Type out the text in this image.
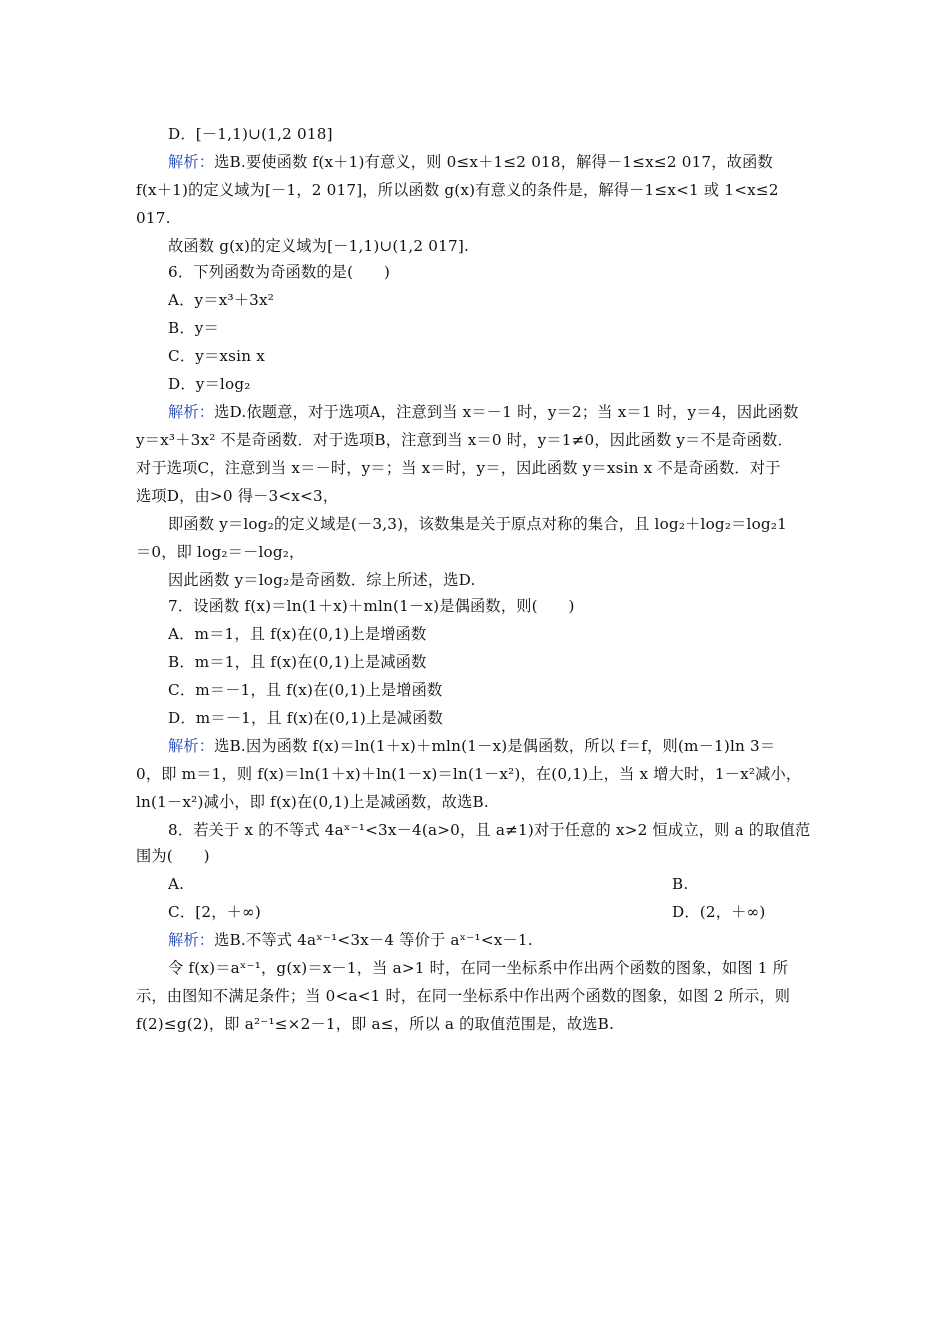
D．[－1,1)∪(1,2 018]
解析：选B.要使函数 f(x＋1)有意义，则 0≤x＋1≤2 018，解得－1≤x≤2 017，故函数
f(x＋1)的定义域为[－1，2 017]，所以函数 g(x)有意义的条件是，解得－1≤x<1 或 1<x≤2
017.
故函数 g(x)的定义域为[－1,1)∪(1,2 017].
6．下列函数为奇函数的是(　　)
A．y＝x³＋3x²
B．y＝
C．y＝xsin x
D．y＝log₂
解析：选D.依题意，对于选项A，注意到当 x＝－1 时，y＝2；当 x＝1 时，y＝4，因此函数
y＝x³＋3x² 不是奇函数．对于选项B，注意到当 x＝0 时，y＝1≠0，因此函数 y＝不是奇函数．
对于选项C，注意到当 x＝－时，y＝；当 x＝时，y＝，因此函数 y＝xsin x 不是奇函数．对于
选项D，由>0 得－3<x<3，
即函数 y＝log₂的定义域是(－3,3)，该数集是关于原点对称的集合，且 log₂＋log₂＝log₂1
＝0，即 log₂＝－log₂，
因此函数 y＝log₂是奇函数．综上所述，选D.
7．设函数 f(x)＝ln(1＋x)＋mln(1－x)是偶函数，则(　　)
A．m＝1，且 f(x)在(0,1)上是增函数
B．m＝1，且 f(x)在(0,1)上是减函数
C．m＝－1，且 f(x)在(0,1)上是增函数
D．m＝－1，且 f(x)在(0,1)上是减函数
解析：选B.因为函数 f(x)＝ln(1＋x)＋mln(1－x)是偶函数，所以 f＝f，则(m－1)ln 3＝
0，即 m＝1，则 f(x)＝ln(1＋x)＋ln(1－x)＝ln(1－x²)，在(0,1)上，当 x 增大时，1－x²减小，
ln(1－x²)减小，即 f(x)在(0,1)上是减函数，故选B.
8．若关于 x 的不等式 4aˣ⁻¹<3x－4(a>0，且 a≠1)对于任意的 x>2 恒成立，则 a 的取值范
围为(　　)
A.	B.
C．[2，＋∞)	D．(2，＋∞)
解析：选B.不等式 4aˣ⁻¹<3x－4 等价于 aˣ⁻¹<x－1.
令 f(x)＝aˣ⁻¹，g(x)＝x－1，当 a>1 时，在同一坐标系中作出两个函数的图象，如图 1 所
示，由图知不满足条件；当 0<a<1 时，在同一坐标系中作出两个函数的图象，如图 2 所示，则
f(2)≤g(2)，即 a²⁻¹≤×2－1，即 a≤，所以 a 的取值范围是，故选B.
